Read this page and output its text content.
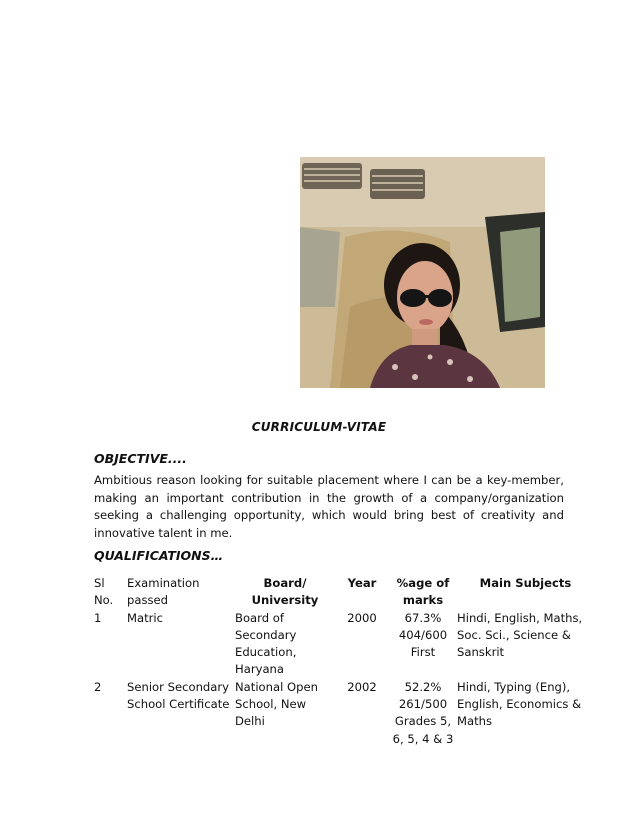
CURRICULUM-VITAE
OBJECTIVE....
Ambitious reason looking for suitable placement where I can be a key-member, making an important contribution in the growth of a company/organization seeking a challenging opportunity, which would bring best of creativity and innovative talent in me.
QUALIFICATIONS…
Sl No.	Examination passed	Board/ University	Year	%age of marks	Main Subjects
1	Matric	Board of Secondary Education, Haryana	2000	67.3% 404/600 First	Hindi, English, Maths, Soc. Sci., Science & Sanskrit
2	Senior Secondary School Certificate	National Open School, New Delhi	2002	52.2% 261/500 Grades 5, 6, 5, 4 & 3	Hindi, Typing (Eng), English, Economics & Maths
